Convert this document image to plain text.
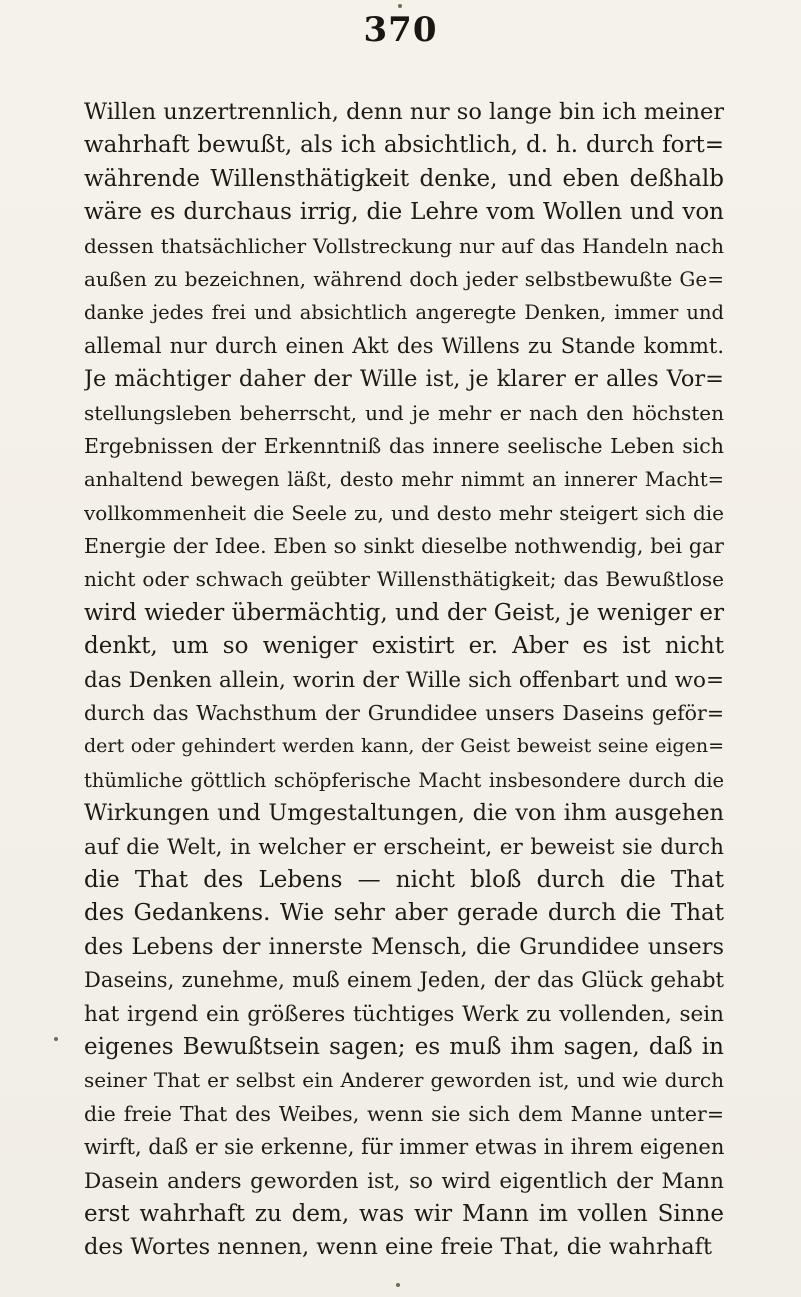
370
Willen unzertrennlich, denn nur so lange bin ich meiner
wahrhaft bewußt, als ich absichtlich, d. h. durch fort=
währende Willensthätigkeit denke, und eben deßhalb
wäre es durchaus irrig, die Lehre vom Wollen und von
dessen thatsächlicher Vollstreckung nur auf das Handeln nach
außen zu bezeichnen, während doch jeder selbstbewußte Ge=
danke jedes frei und absichtlich angeregte Denken, immer und
allemal nur durch einen Akt des Willens zu Stande kommt.
Je mächtiger daher der Wille ist, je klarer er alles Vor=
stellungsleben beherrscht, und je mehr er nach den höchsten
Ergebnissen der Erkenntniß das innere seelische Leben sich
anhaltend bewegen läßt, desto mehr nimmt an innerer Macht=
vollkommenheit die Seele zu, und desto mehr steigert sich die
Energie der Idee. Eben so sinkt dieselbe nothwendig, bei gar
nicht oder schwach geübter Willensthätigkeit; das Bewußtlose
wird wieder übermächtig, und der Geist, je weniger er
denkt, um so weniger existirt er. Aber es ist nicht
das Denken allein, worin der Wille sich offenbart und wo=
durch das Wachsthum der Grundidee unsers Daseins geför=
dert oder gehindert werden kann, der Geist beweist seine eigen=
thümliche göttlich schöpferische Macht insbesondere durch die
Wirkungen und Umgestaltungen, die von ihm ausgehen
auf die Welt, in welcher er erscheint, er beweist sie durch
die That des Lebens — nicht bloß durch die That
des Gedankens. Wie sehr aber gerade durch die That
des Lebens der innerste Mensch, die Grundidee unsers
Daseins, zunehme, muß einem Jeden, der das Glück gehabt
hat irgend ein größeres tüchtiges Werk zu vollenden, sein
eigenes Bewußtsein sagen; es muß ihm sagen, daß in
seiner That er selbst ein Anderer geworden ist, und wie durch
die freie That des Weibes, wenn sie sich dem Manne unter=
wirft, daß er sie erkenne, für immer etwas in ihrem eigenen
Dasein anders geworden ist, so wird eigentlich der Mann
erst wahrhaft zu dem, was wir Mann im vollen Sinne
des Wortes nennen, wenn eine freie That, die wahrhaft
